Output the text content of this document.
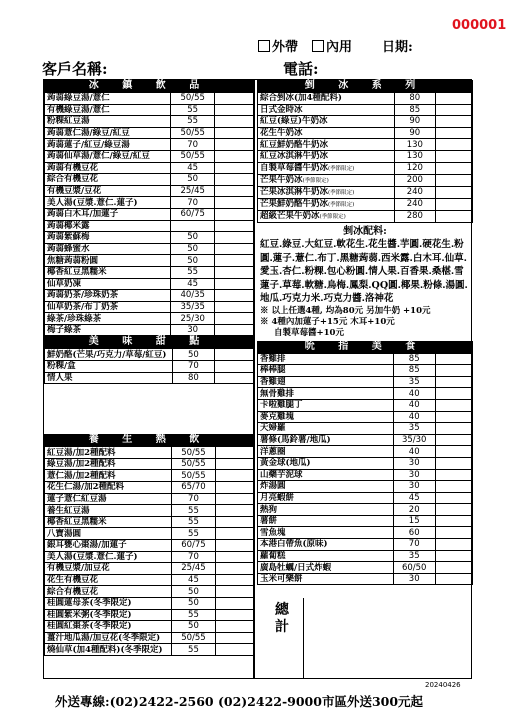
000001
外帶	內用 日期:
客戶名稱:	電話:
冰 鎮 飲 品
蒟蒻綠豆湯/薏仁	50/55	
有機綠豆湯/薏仁	55	
粉粿紅豆湯	55	
蒟蒻薏仁湯/綠豆/紅豆	50/55	
蒟蒻蓮子/紅豆/綠豆湯	70	
蒟蒻仙草湯/薏仁/綠豆/紅豆	50/55	
蒟蒻有機豆花	45	
綜合有機豆花	50	
有機豆漿/豆花	25/45	
美人湯(豆漿.薏仁.蓮子)	70	
蒟蒻白木耳/加蓮子	60/75	
蒟蒻椰米露		
蒟蒻紫蘇梅	50	
蒟蒻蜂蜜水	50	
焦糖蒟蒻粉圓	50	
椰香紅豆黑糯米	55	
仙草奶凍	45	
蒟蒻奶茶/珍珠奶茶	40/35	
仙草奶茶/布丁奶茶	35/35	
綠茶/珍珠綠茶	25/30	
梅子綠茶	30	
美 味 甜 點
鮮奶酪(芒果/巧克力/草莓/紅豆)	50	
粉粿/盒	70	
情人果	80	
養 生 熱 飲
紅豆湯/加2種配料	50/55	
綠豆湯/加2種配料	50/55	
薏仁湯/加2種配料	50/55	
花生仁湯/加2種配料	65/70	
蓮子薏仁紅豆湯	70	
養生紅豆湯	55	
椰香紅豆黑糯米	55	
八寶湯圓	55	
銀耳甕心棗湯/加蓮子	60/75	
美人湯(豆漿.薏仁.蓮子)	70	
有機豆漿/加豆花	25/45	
花生有機豆花	45	
綜合有機豆花	50	
桂圓蓮母茶(冬季限定)	50	
桂圓紫米粥(冬季限定)	55	
桂圓紅棗茶(冬季限定)	50	
薑汁地瓜湯/加豆花(冬季限定)	50/55	
燒仙草(加4種配料)(冬季限定)	55	
剉 冰 系 列
綜合剉冰(加4種配料)	80	
日式金時冰	85	
紅豆(綠豆)牛奶冰	90	
花生牛奶冰	90	
紅豆鮮奶酪牛奶冰	130	
紅豆冰淇淋牛奶冰	130	
自製草莓醬牛奶冰(季節限定)	120	
芒果牛奶冰(季節限定)	200	
芒果冰淇淋牛奶冰(季節限定)	240	
芒果鮮奶酪牛奶冰(季節限定)	240	
超級芒果牛奶冰(季節限定)	280	
剉冰配料:
紅豆.綠豆.大紅豆.軟花生.花生醬.芋圓.硬花生.粉圓.蓮子.薏仁.布丁.黑糖蒟蒻.西米露.白木耳.仙草.愛玉.杏仁.粉粿.包心粉圓.情人果.百香果.桑椹.雪蓮子.草莓.軟糖.烏梅.鳳梨.QQ圓.椰果.粉條.湯圓.地瓜.巧克力米.巧克力醬.洛神花
※ 以上任選4種, 均為80元 另加牛奶 +10元
※ 4種內加蓮子+15元 木耳+10元
自製草莓醬+10元
吮 指 美 食
香雞排	85	
棒棒腿	85	
香雞翅	35	
無骨雞排	40	
卡啦雞腿丁	40	
麥克雞塊	40	
天婦羅	35	
薯條(馬鈴薯/地瓜)	35/30	
洋蔥圈	40	
黃金球(地瓜)	30	
山藥芋泥球	30	
炸湯圓	30	
月亮蝦餅	45	
熱狗	20	
薯餅	15	
雪魚塊	60	
本港白帶魚(原味)	70	
蘿蔔糕	35	
廣島牡蠣/日式炸蝦	60/50	
玉米可樂餅	30	
總計
20240426
外送專線:(02)2422-2560 (02)2422-9000市區外送300元起
